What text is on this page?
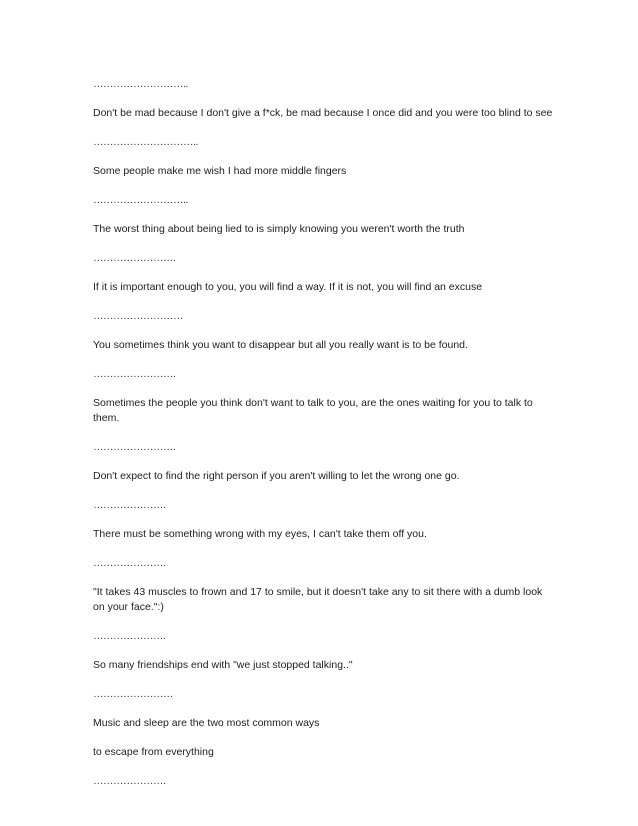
………………………..
Don't be mad because I don't give a f*ck, be mad because I once did and you were too blind to see
…………………………..
Some people make me wish I had more middle fingers
………………………..
The worst thing about being lied to is simply knowing you weren't worth the truth
…………………….
If it is important enough to you, you will find a way. If it is not, you will find an excuse
………………………
You sometimes think you want to disappear but all you really want is to be found.
…………………….
Sometimes the people you think don't want to talk to you, are the ones waiting for you to talk to them.
…………………….
Don't expect to find the right person if you aren't willing to let the wrong one go.
………………….
There must be something wrong with my eyes, I can't take them off you.
………………….
"It takes 43 muscles to frown and 17 to smile, but it doesn't take any to sit there with a dumb look on your face.":)
………………….
So many friendships end with "we just stopped talking.."
……………………
Music and sleep are the two most common ways
to escape from everything
………………….
